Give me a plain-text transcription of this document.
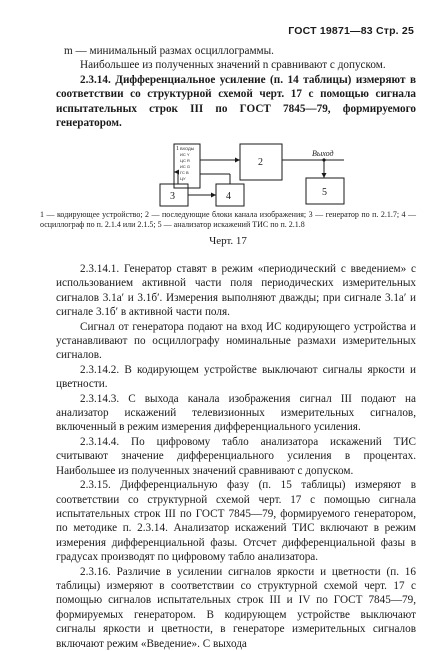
ГОСТ 19871—83 Стр. 25

m — минимальный размах осциллограммы.

Наибольшее из полученных значений n сравнивают с допуском.

2.3.14. Дифференциальное усиление (п. 14 таблицы) измеряют в соответствии со структурной схемой черт. 17 с помощью сигнала испытательных строк III по ГОСТ 7845—79, формируемого генератором.

ВХОДЫ
ИС Y
ЦС R
ИС G
ГС B
ЦУ
2
3	4	5
1	Выход
1 — кодирующее устройство; 2 — последующие блоки канала изображения; 3 — генератор по п. 2.1.7; 4 — осциллограф по п. 2.1.4 или 2.1.5; 5 — анализатор искажений ТИС по п. 2.1.8
Черт. 17

2.3.14.1. Генератор ставят в режим «периодический с введением» с использованием активной части поля периодических измерительных сигналов 3.1а′ и 3.1б′. Измерения выполняют дважды; при сигнале 3.1а′ и сигнале 3.1б′ в активной части поля.

Сигнал от генератора подают на вход ИС кодирующего устройства и устанавливают по осциллографу номинальные размахи измерительных сигналов.

2.3.14.2. В кодирующем устройстве выключают сигналы яркости и цветности.

2.3.14.3. С выхода канала изображения сигнал III подают на анализатор искажений телевизионных измерительных сигналов, включенный в режим измерения дифференциального усиления.

2.3.14.4. По цифровому табло анализатора искажений ТИС считывают значение дифференциального усиления в процентах. Наибольшее из полученных значений сравнивают с допуском.

2.3.15. Дифференциальную фазу (п. 15 таблицы) измеряют в соответствии со структурной схемой черт. 17 с помощью сигнала испытательных строк III по ГОСТ 7845—79, формируемого генератором, по методике п. 2.3.14. Анализатор искажений ТИС включают в режим измерения дифференциальной фазы. Отсчет дифференциальной фазы в градусах производят по цифровому табло анализатора.

2.3.16. Различие в усилении сигналов яркости и цветности (п. 16 таблицы) измеряют в соответствии со структурной схемой черт. 17 с помощью сигналов испытательных строк III и IV по ГОСТ 7845—79, формируемых генератором. В кодирующем устройстве выключают сигналы яркости и цветности, в генераторе измерительных сигналов включают режим «Введение». С выхода
